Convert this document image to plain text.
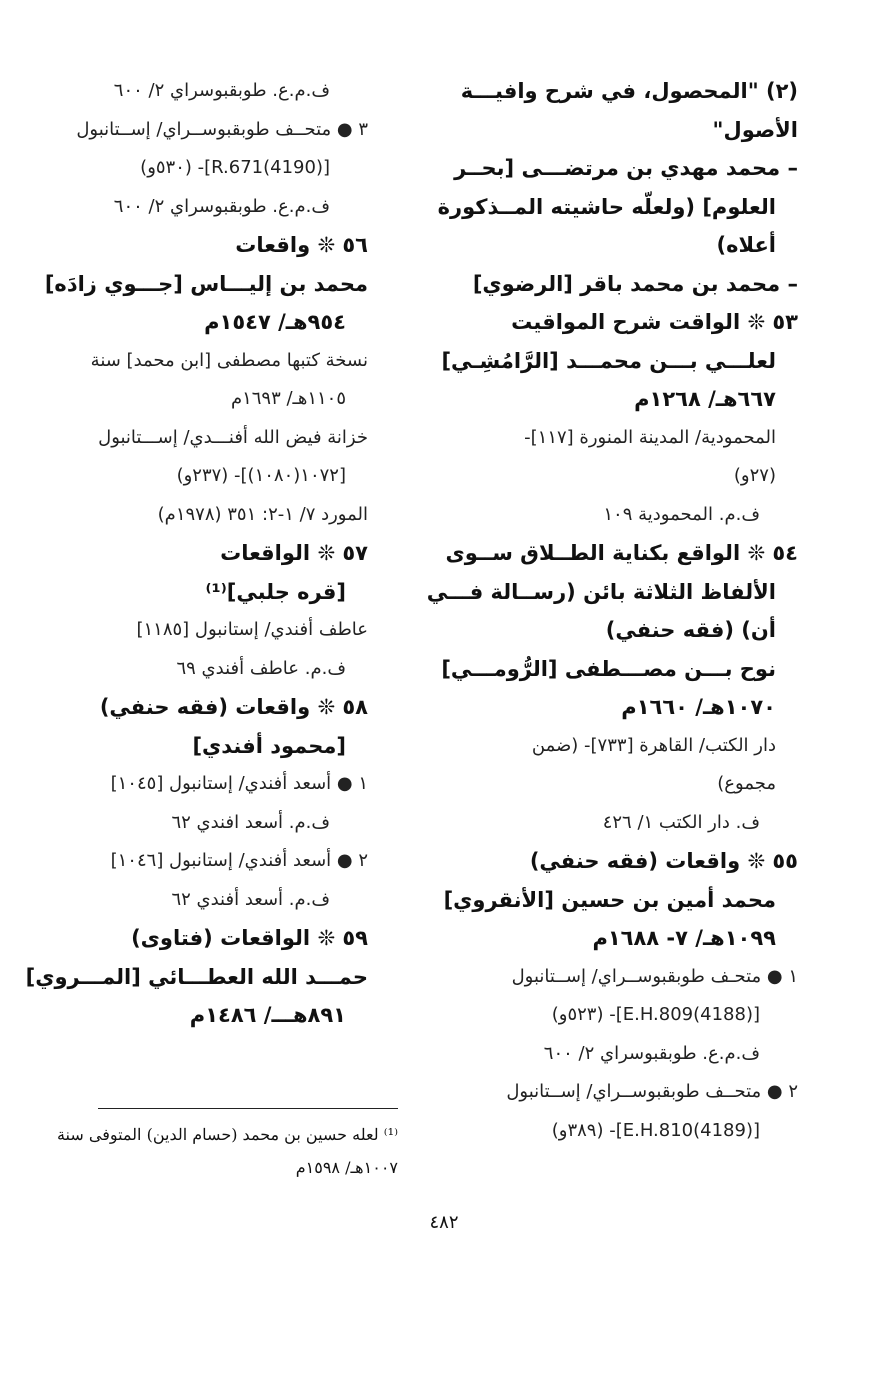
(٢) "المحصول، في شرح وافيـــة
الأصول"
– محمد مهدي بن مرتضـــى [بحــر
العلوم] (ولعلّه حاشيته المــذكورة
أعلاه)
– محمد بن محمد باقر [الرضوي]
٥٣ ❊ الواقت شرح المواقيت
لعلـــي بـــن محمـــد [الرَّامُشِـي]
٦٦٧هـ/ ١٢٦٨م
المحمودية/ المدينة المنورة [١١٧]-
(٢٧و)
ف.م. المحمودية ١٠٩
٥٤ ❊ الواقع بكناية الطــلاق ســوى
الألفاظ الثلاثة بائن (رســالة فـــي
أن) (فقه حنفي)
نوح بـــن مصـــطفى [الرُّومـــي]
١٠٧٠هـ/ ١٦٦٠م
دار الكتب/ القاهرة [٧٣٣]- (ضمن
مجموع)
ف. دار الكتب ١/ ٤٢٦
٥٥ ❊ واقعات (فقه حنفي)
محمد أمين بن حسين [الأنقروي]
١٠٩٩هـ/ ٧- ١٦٨٨م
١ ● متحـف طوبقبوســراي/ إســتانبول
[E.H.809(4188)]- (٥٢٣و)
ف.م.ع. طوبقبوسراي ٢/ ٦٠٠
٢ ● متحــف طوبقبوســراي/ إســتانبول
[E.H.810(4189)]- (٣٨٩و)
ف.م.ع. طوبقبوسراي ٢/ ٦٠٠
٣ ● متحــف طوبقبوســراي/ إســتانبول
[R.671(4190)]- (٥٣٠و)
ف.م.ع. طوبقبوسراي ٢/ ٦٠٠
٥٦ ❊ واقعات
محمد بن إليـــاس [جـــوي زادَه]
٩٥٤هـ/ ١٥٤٧م
نسخة كتبها مصطفى [ابن محمد] سنة
١١٠٥هـ/ ١٦٩٣م
خزانة فيض الله أفنـــدي/ إســـتانبول
[١٠٧٢(١٠٨٠)]- (٢٣٧و)
المورد ٧/ ١-٢: ٣٥١ (١٩٧٨م)
٥٧ ❊ الواقعات
[قره جلبي]⁽¹⁾
عاطف أفندي/ إستانبول [١١٨٥]
ف.م. عاطف أفندي ٦٩
٥٨ ❊ واقعات (فقه حنفي)
[محمود أفندي]
١ ● أسعد أفندي/ إستانبول [١٠٤٥]
ف.م. أسعد افندي ٦٢
٢ ● أسعد أفندي/ إستانبول [١٠٤٦]
ف.م. أسعد أفندي ٦٢
٥٩ ❊ الواقعات (فتاوى)
حمـــد الله العطـــائي [المـــروي]
٨٩١هـــ/ ١٤٨٦م
⁽¹⁾ لعله حسين بن محمد (حسام الدين) المتوفى سنة
١٠٠٧هـ/ ١٥٩٨م
٤٨٢
